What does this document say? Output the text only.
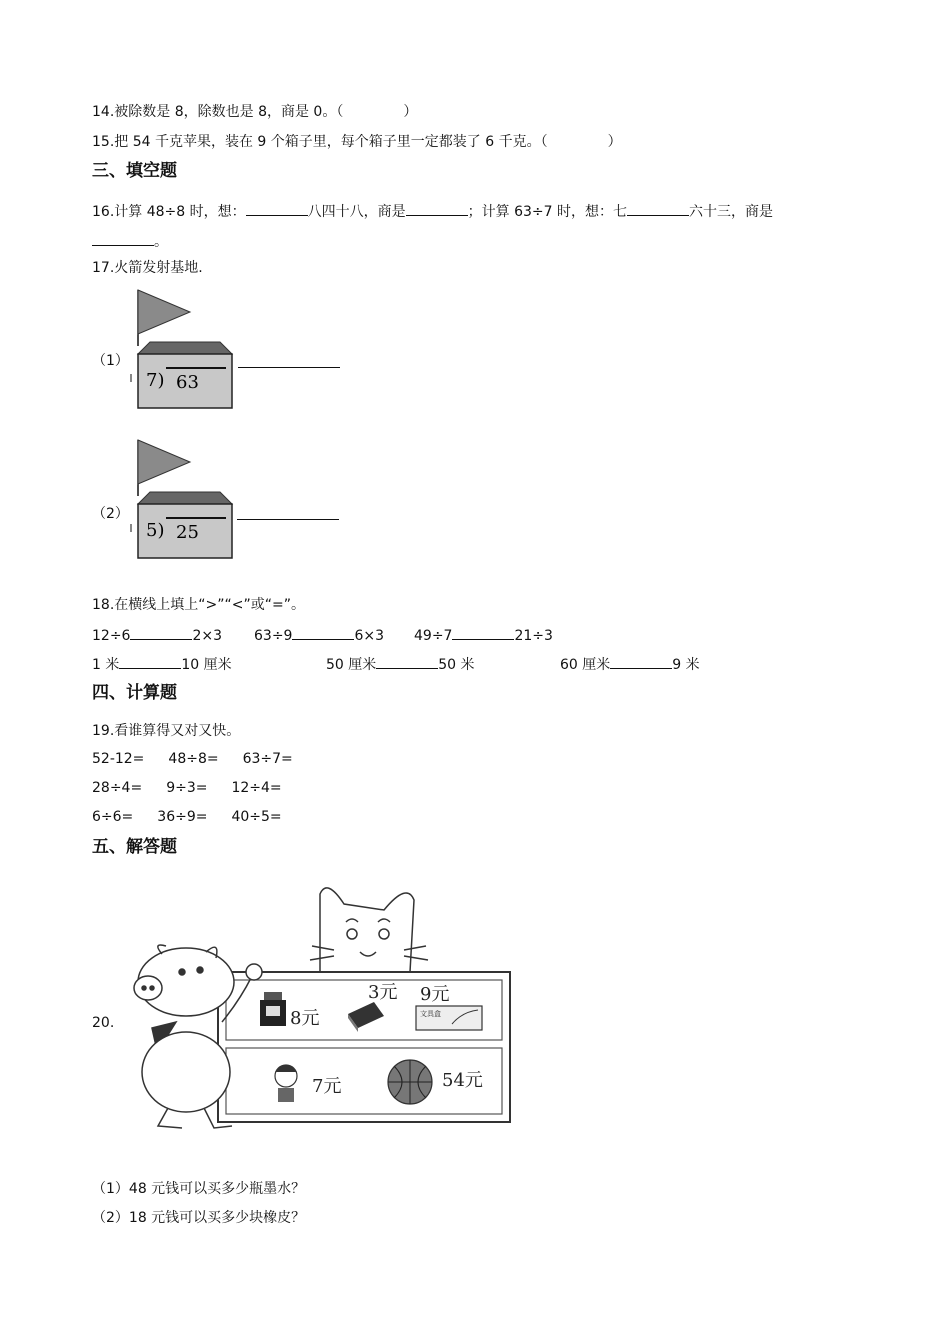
14.被除数是 8，除数也是 8，商是 0。（	）
15.把 54 千克苹果，装在 9 个箱子里，每个箱子里一定都装了 6 千克。（	）
三、填空题
16.计算 48÷8 时，想：	八四十八，商是	；计算 63÷7 时，想：七	六十三，商是
。
17.火箭发射基地.
（1）
7) 63
（2）
5) 25
18.在横线上填上“>”“<”或“=”。
12÷6	2×3 63÷9	6×3 49÷7	21÷3
1 米	10 厘米	50 厘米	50 米	60 厘米	9 米
四、计算题
19.看谁算得又对又快。
52-12= 48÷8= 63÷7=
28÷4= 9÷3= 12÷4=
6÷6= 36÷9= 40÷5=
五、解答题
20.	8元
3元
文具盒
9元
7元	54元
（1）48 元钱可以买多少瓶墨水？
（2）18 元钱可以买多少块橡皮？
